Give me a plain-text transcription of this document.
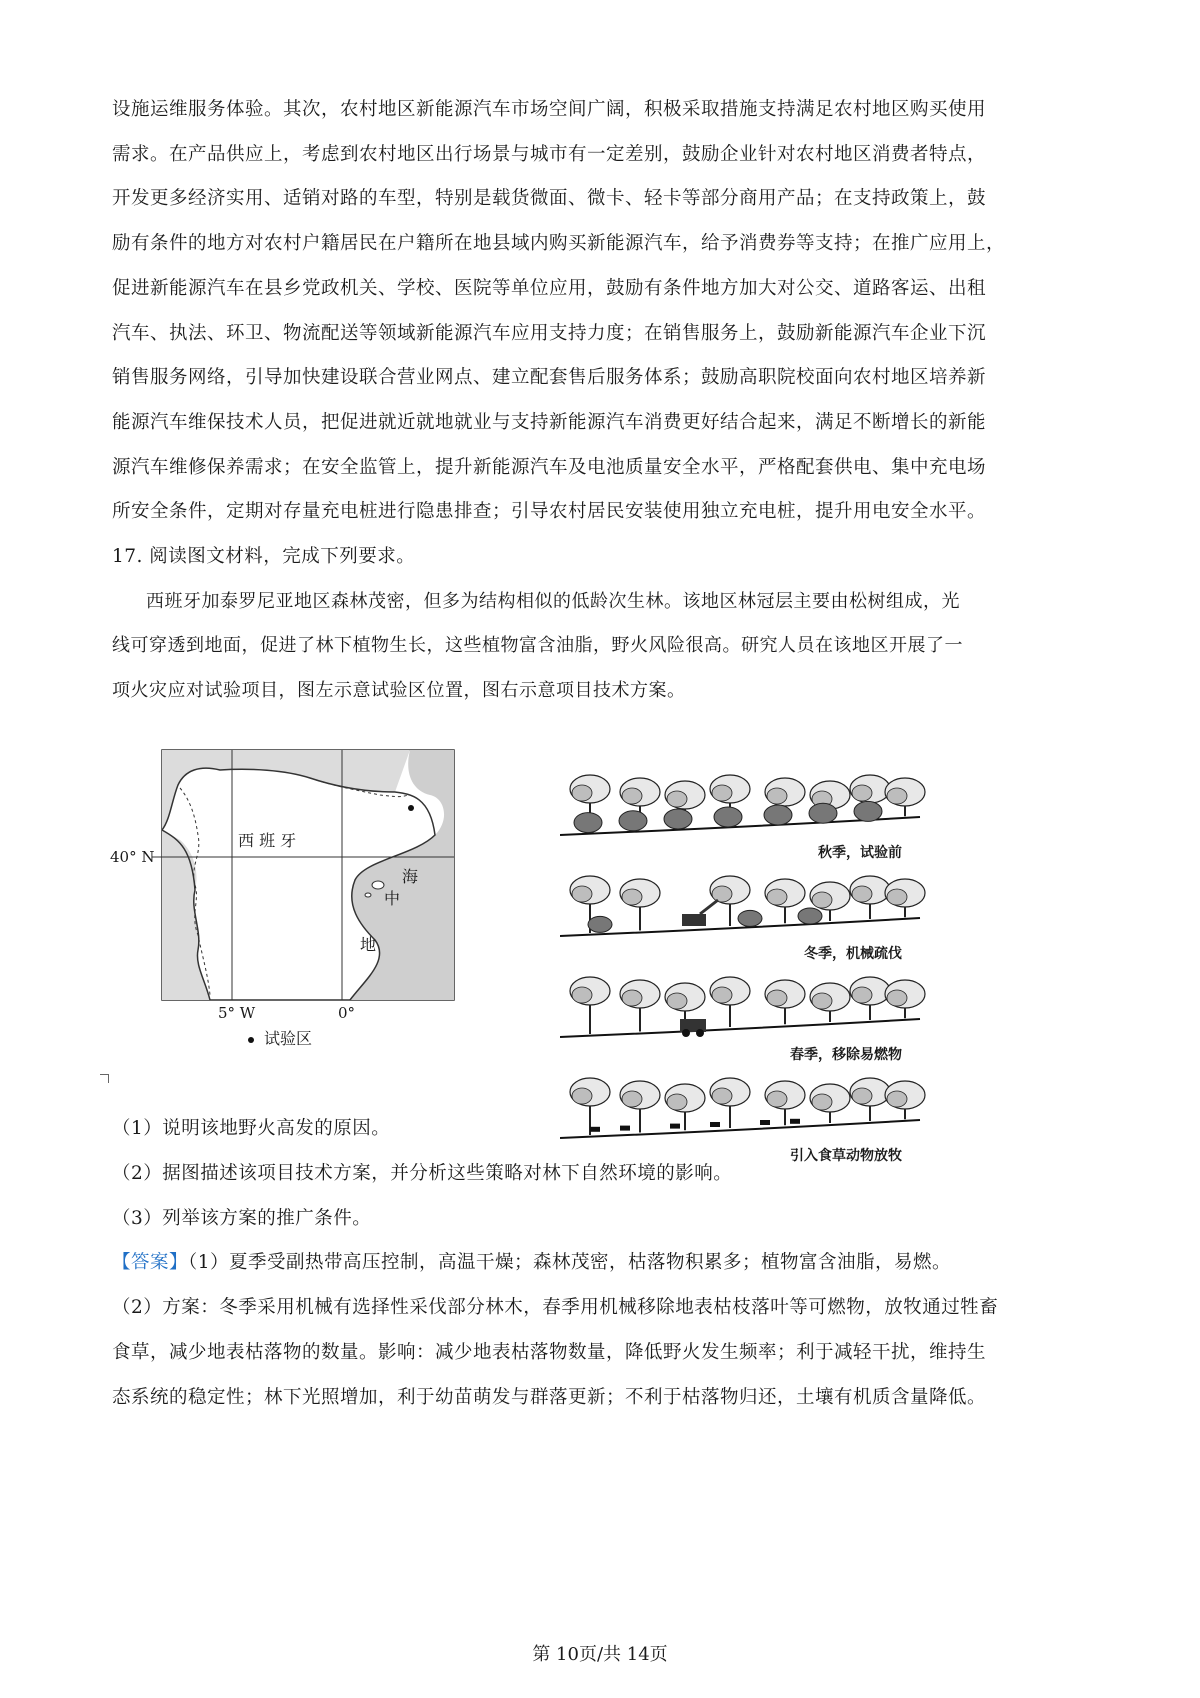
设施运维服务体验。其次，农村地区新能源汽车市场空间广阔，积极采取措施支持满足农村地区购买使用
需求。在产品供应上，考虑到农村地区出行场景与城市有一定差别，鼓励企业针对农村地区消费者特点，
开发更多经济实用、适销对路的车型，特别是载货微面、微卡、轻卡等部分商用产品；在支持政策上，鼓
励有条件的地方对农村户籍居民在户籍所在地县域内购买新能源汽车，给予消费券等支持；在推广应用上，
促进新能源汽车在县乡党政机关、学校、医院等单位应用，鼓励有条件地方加大对公交、道路客运、出租
汽车、执法、环卫、物流配送等领域新能源汽车应用支持力度；在销售服务上，鼓励新能源汽车企业下沉
销售服务网络，引导加快建设联合营业网点、建立配套售后服务体系；鼓励高职院校面向农村地区培养新
能源汽车维保技术人员，把促进就近就地就业与支持新能源汽车消费更好结合起来，满足不断增长的新能
源汽车维修保养需求；在安全监管上，提升新能源汽车及电池质量安全水平，严格配套供电、集中充电场
所安全条件，定期对存量充电桩进行隐患排查；引导农村居民安装使用独立充电桩，提升用电安全水平。
17. 阅读图文材料，完成下列要求。
西班牙加泰罗尼亚地区森林茂密，但多为结构相似的低龄次生林。该地区林冠层主要由松树组成，光
线可穿透到地面，促进了林下植物生长，这些植物富含油脂，野火风险很高。研究人员在该地区开展了一
项火灾应对试验项目，图左示意试验区位置，图右示意项目技术方案。
西 班 牙
40° N
海
中
地
5° W	0°
试验区
秋季，试验前
冬季，机械疏伐
春季，移除易燃物
引入食草动物放牧
（1）说明该地野火高发的原因。
（2）据图描述该项目技术方案，并分析这些策略对林下自然环境的影响。
（3）列举该方案的推广条件。
【答案】（1）夏季受副热带高压控制，高温干燥；森林茂密，枯落物积累多；植物富含油脂，易燃。
（2）方案：冬季采用机械有选择性采伐部分林木，春季用机械移除地表枯枝落叶等可燃物，放牧通过牲畜
食草，减少地表枯落物的数量。影响：减少地表枯落物数量，降低野火发生频率；利于减轻干扰，维持生
态系统的稳定性；林下光照增加，利于幼苗萌发与群落更新；不利于枯落物归还，土壤有机质含量降低。
第 10页/共 14页
